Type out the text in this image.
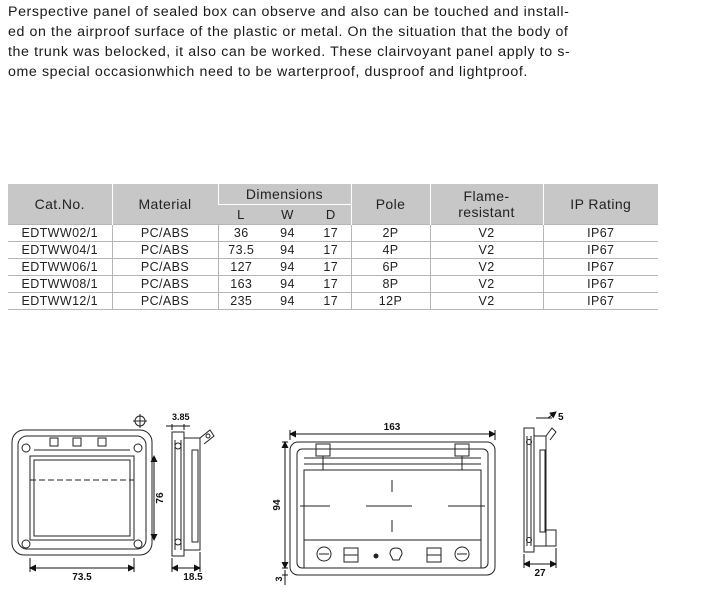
Perspective panel of sealed box can observe and also can be touched and install-
ed on the airproof surface of the plastic or metal. On the situation that the body of
the trunk was belocked, it also can be worked. These clairvoyant panel apply to s-
ome special occasionwhich need to be warterproof, dusproof and lightproof.
Cat.No.	Material	Dimensions			Pole	Flame-
resistant	IP Rating
		L	W	D			
EDTWW02/1	PC/ABS	36	94	17	2P	V2	IP67
EDTWW04/1	PC/ABS	73.5	94	17	4P	V2	IP67
EDTWW06/1	PC/ABS	127	94	17	6P	V2	IP67
EDTWW08/1	PC/ABS	163	94	17	8P	V2	IP67
EDTWW12/1	PC/ABS	235	94	17	12P	V2	IP67
76
73.5
3.85
18.5
163
94
3
5
27
